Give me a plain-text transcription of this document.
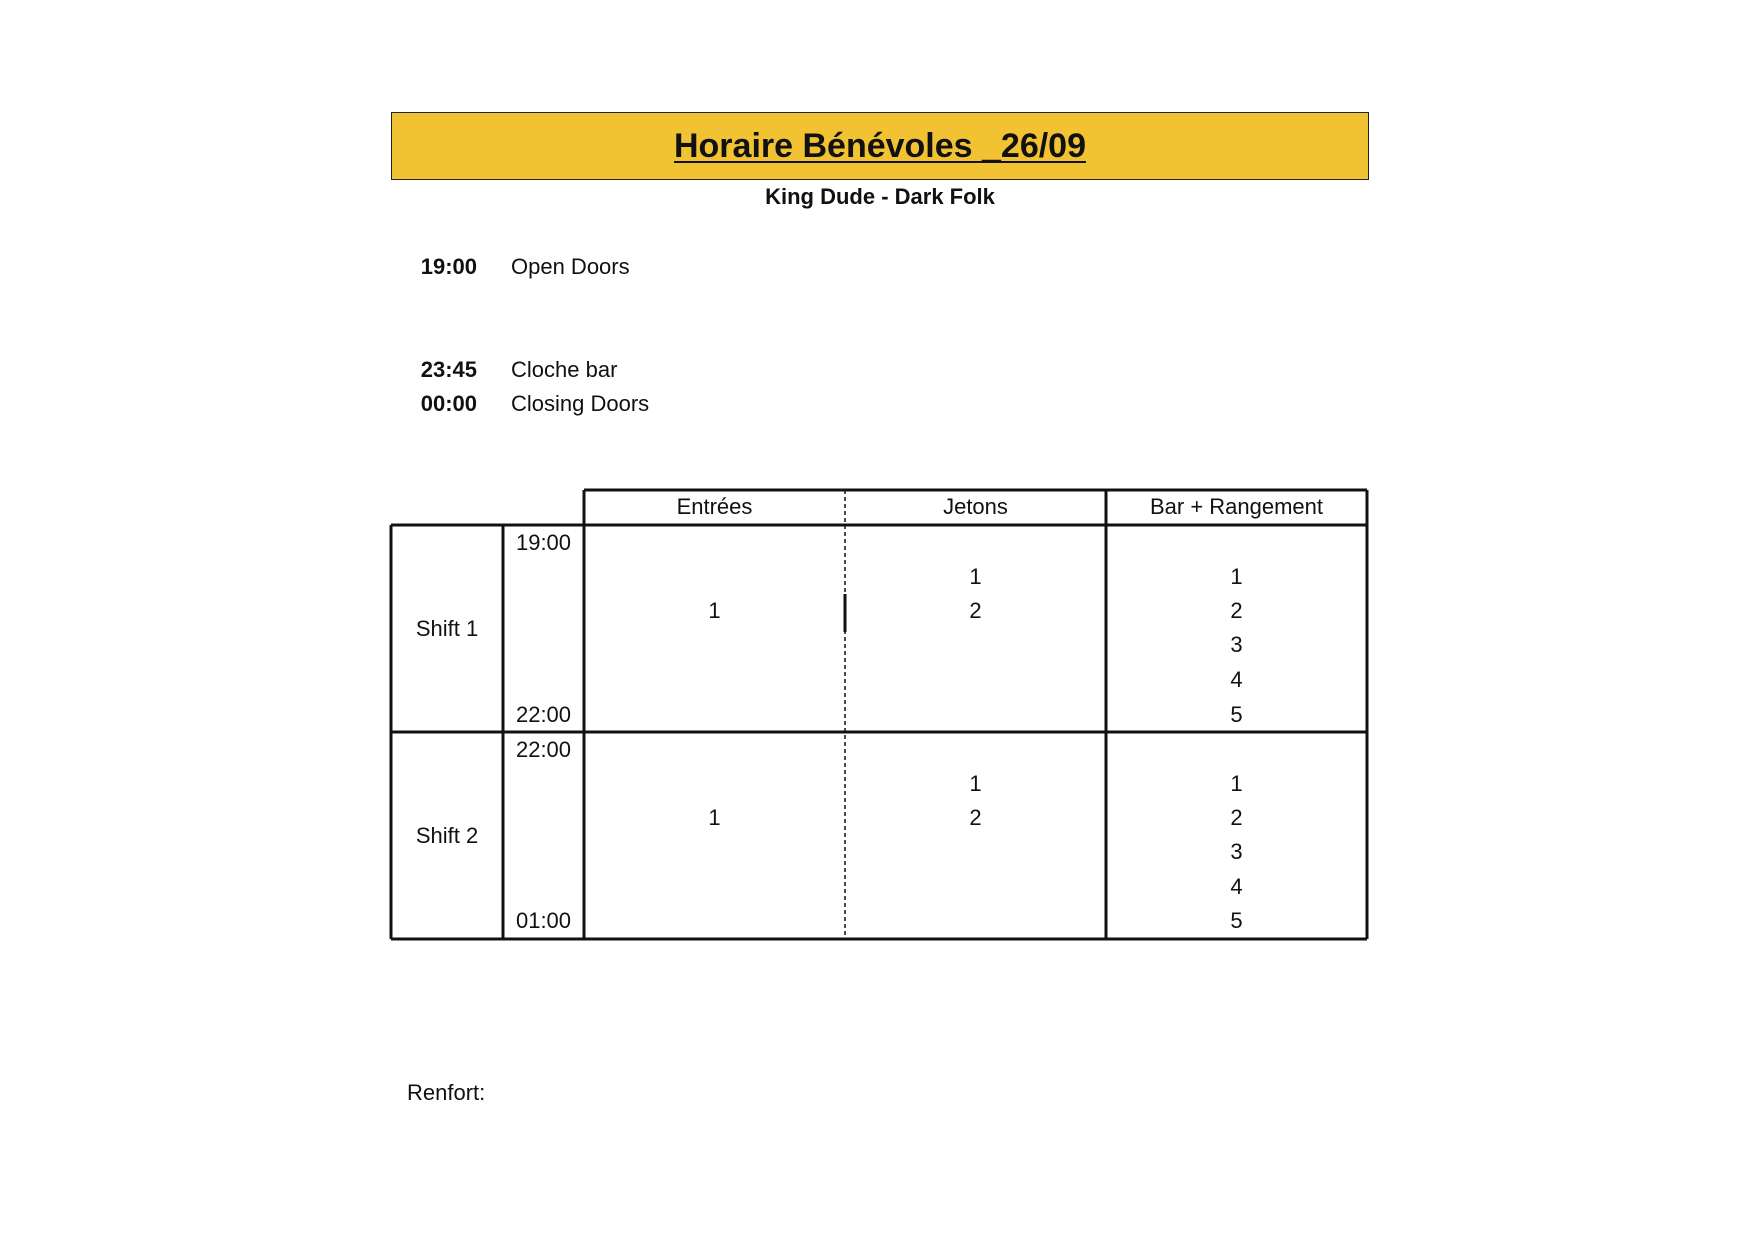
Horaire Bénévoles _26/09
King Dude - Dark Folk
19:00 Open Doors
23:45 Cloche bar
00:00 Closing Doors
Entrées	Jetons	Bar + Rangement
Shift 1
19:00
22:00
1
1
2
1
2
3
4
5
Shift 2
22:00
01:00
1
1
2
1
2
3
4
5
Renfort:
